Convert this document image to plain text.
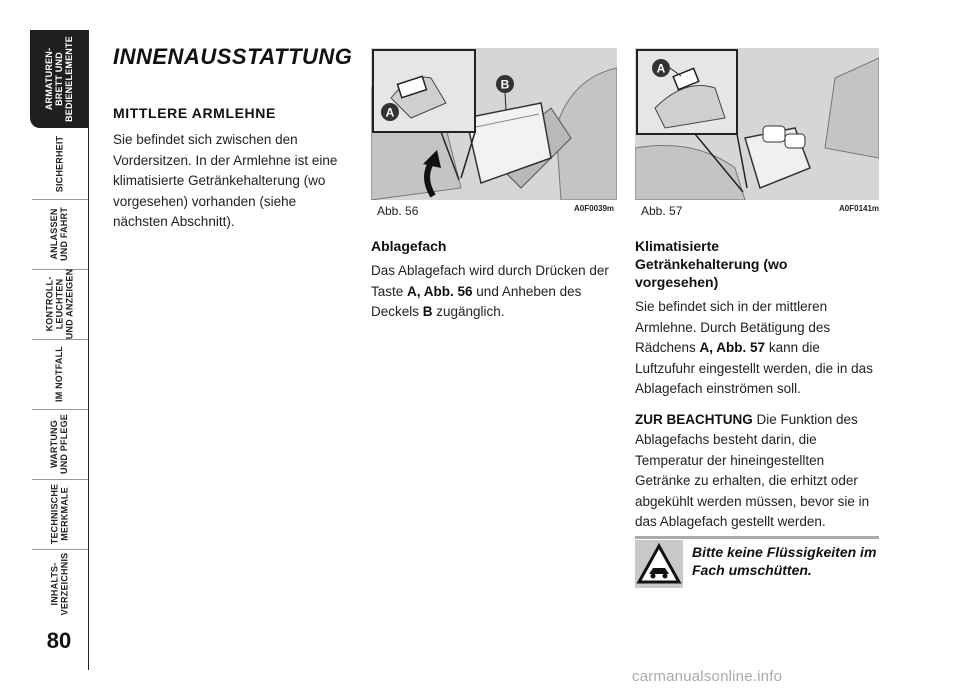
ARMATUREN-
BRETT UND
BEDIENELEMENTE
SICHERHEIT
ANLASSEN
UND FAHRT
KONTROLL-
LEUCHTEN
UND ANZEIGEN
IM NOTFALL
WARTUNG
UND PFLEGE
TECHNISCHE
MERKMALE
INHALTS-
VERZEICHNIS
80
INNENAUSSTATTUNG
MITTLERE ARMLEHNE
Sie befindet sich zwischen den Vordersitzen. In der Armlehne ist eine klimatisierte Getränkehalterung (wo vorgesehen) vorhanden (siehe nächsten Abschnitt).
A
B
Abb. 56	A0F0039m
A
Abb. 57	A0F0141m
Ablagefach
Das Ablagefach wird durch Drücken der Taste A, Abb. 56 und Anheben des Deckels B zugänglich.
Klimatisierte Getränkehalterung (wo vorgesehen)
Sie befindet sich in der mittleren Armlehne. Durch Betätigung des Rädchens A, Abb. 57 kann die Luftzufuhr eingestellt werden, die in das Ablagefach einströmen soll.
ZUR BEACHTUNG Die Funktion des Ablagefachs besteht darin, die Temperatur der hineingestellten Getränke zu erhalten, die erhitzt oder abgekühlt werden müssen, bevor sie in das Ablagefach gestellt werden.
Bitte keine Flüssigkeiten im Fach umschütten.
carmanualsonline.info
